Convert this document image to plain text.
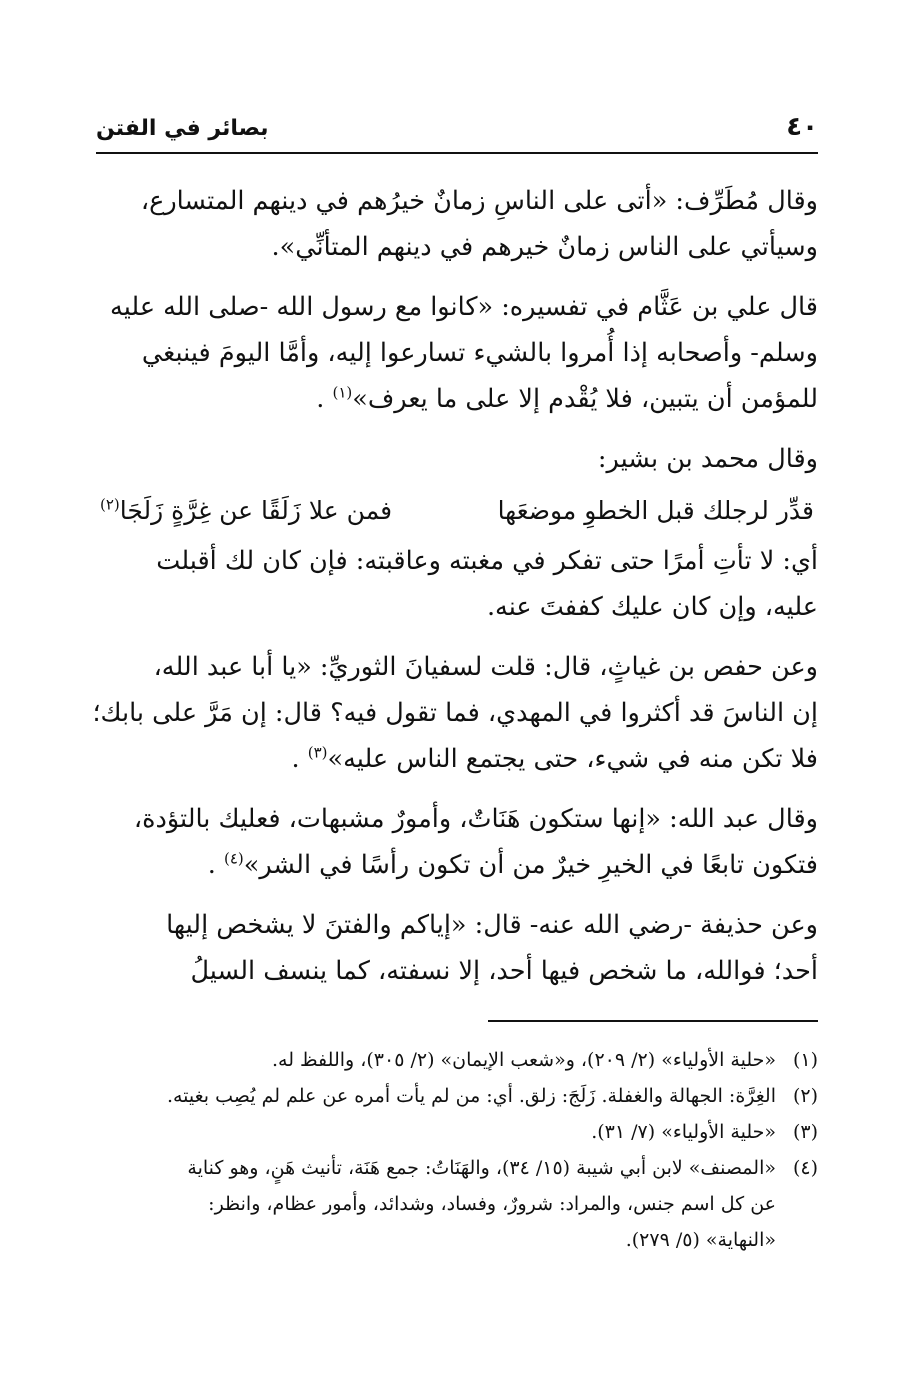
٤٠
بصائر في الفتن

وقال مُطَرِّف: «أتى على الناسِ زمانٌ خيرُهم في دينهم المتسارع،
وسيأتي على الناس زمانٌ خيرهم في دينهم المتأنِّي».

قال علي بن عَثَّام في تفسيره: «كانوا مع رسول الله -صلى الله عليه
وسلم- وأصحابه إذا أُمروا بالشيء تسارعوا إليه، وأمَّا اليومَ فينبغي
للمؤمن أن يتبين، فلا يُقْدم إلا على ما يعرف»$^{(١)}$ .

وقال محمد بن بشير:

قدِّر لرجلك قبل الخطوِ موضعَها
فمن علا زَلَقًا عن غِرَّةٍ زَلَجَا$^{(٢)}$

أي: لا تأتِ أمرًا حتى تفكر في مغبته وعاقبته: فإن كان لك أقبلت
عليه، وإن كان عليك كففتَ عنه.

وعن حفص بن غياثٍ، قال: قلت لسفيانَ الثوريِّ: «يا أبا عبد الله،
إن الناسَ قد أكثروا في المهدي، فما تقول فيه؟ قال: إن مَرَّ على بابك؛
فلا تكن منه في شيء، حتى يجتمع الناس عليه»$^{(٣)}$ .

وقال عبد الله: «إنها ستكون هَنَاتٌ، وأمورٌ مشبهات، فعليك بالتؤدة،
فتكون تابعًا في الخيرِ خيرٌ من أن تكون رأسًا في الشر»$^{(٤)}$ .

وعن حذيفة -رضي الله عنه- قال: «إياكم والفتنَ لا يشخص إليها
أحد؛ فوالله، ما شخص فيها أحد، إلا نسفته، كما ينسف السيلُ

(١)
«حلية الأولياء» (٢/ ٢٠٩)، و«شعب الإيمان» (٢/ ٣٠٥)، واللفظ له.
(٢)
الغِرَّة: الجهالة والغفلة. زَلَجَ: زلق. أي: من لم يأت أمره عن علم لم يُصِب بغيته.
(٣)
«حلية الأولياء» (٧/ ٣١).
(٤)
«المصنف» لابن أبي شيبة (١٥/ ٣٤)، والهَنَاتُ: جمع هَنَة، تأنيث هَنٍ، وهو كناية
عن كل اسم جنس، والمراد: شرورٌ، وفساد، وشدائد، وأمور عظام، وانظر:
«النهاية» (٥/ ٢٧٩).
